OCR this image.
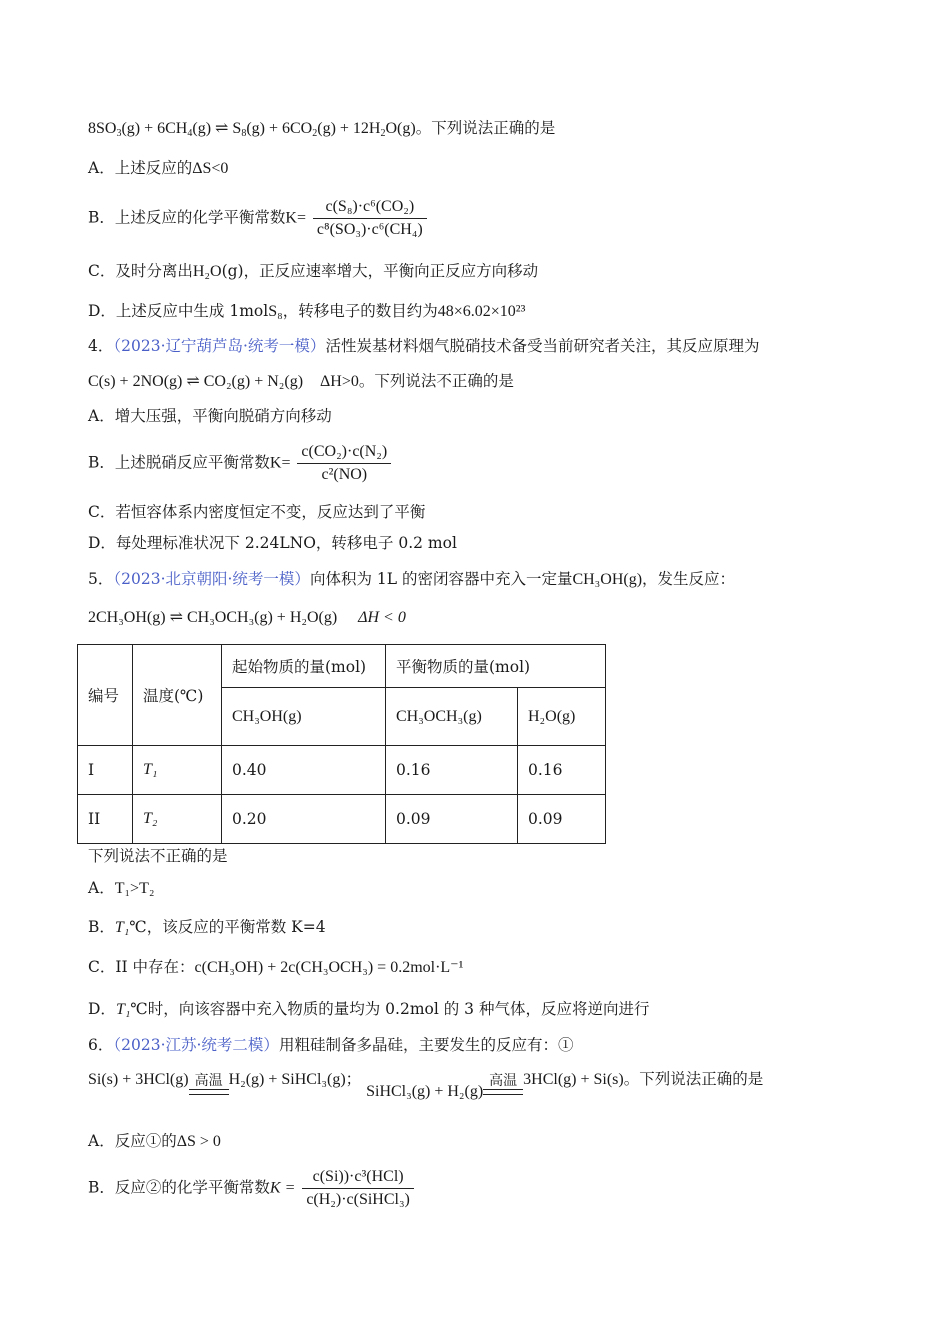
$8SO_3(g) + 6CH_4(g)$ ⇌ $S_8(g) + 6CO_2(g) + 12H_2O(g)$。下列说法正确的是
A．上述反应的ΔS<0
B．上述反应的化学平衡常数$K= \frac{\text{c(S₈)·c⁶(CO₂)}}{\text{c⁸(SO₃)·c⁶(CH₄)}}$
C．及时分离出H₂O(g)，正反应速率增大，平衡向正反应方向移动
D．上述反应中生成 1molS₈，转移电子的数目约为48×6.02×10²³
4．（2023·辽宁葫芦岛·统考一模）活性炭基材料烟气脱硝技术备受当前研究者关注，其反应原理为
C(s) + 2NO(g) ⇌ CO₂(g) + N₂(g) ΔH>0。下列说法不正确的是
A．增大压强，平衡向脱硝方向移动
B．上述脱硝反应平衡常数$K= \frac{\text{c(CO₂)·c(N₂)}}{\text{c²(NO)}}$
C．若恒容体系内密度恒定不变，反应达到了平衡
D．每处理标准状况下 2.24LNO，转移电子 0.2 mol
5．（2023·北京朝阳·统考一模）向体积为 1L 的密闭容器中充入一定量CH₃OH(g)，发生反应：
2CH₃OH(g) ⇌ CH₃OCH₃(g) + H₂O(g) ΔH < 0
编号	温度(℃)	起始物质的量(mol)	平衡物质的量(mol)	
		CH₃OH(g)	CH₃OCH₃(g)	H₂O(g)
I	T₁	0.40	0.16	0.16
II	T₂	0.20	0.09	0.09
下列说法不正确的是
A．T₁>T₂
B．T₁℃，该反应的平衡常数 K=4
C．II 中存在：c(CH₃OH) + 2c(CH₃OCH₃) = 0.2mol·L⁻¹
D．T₁℃时，向该容器中充入物质的量均为 0.2mol 的 3 种气体，反应将逆向进行
6．（2023·江苏·统考二模）用粗硅制备多晶硅，主要发生的反应有：①
Si(s) + 3HCl(g) 高温 H₂(g) + SiHCl₃(g)； SiHCl₃(g) + H₂(g)
高温 3HCl(g) + Si(s)。下列说法正确的是
A．反应①的ΔS > 0
B．反应②的化学平衡常数$K = \frac{\text{c(Si))·c³(HCl)}}{\text{c(H₂)·c(SiHCl₃)}}$
